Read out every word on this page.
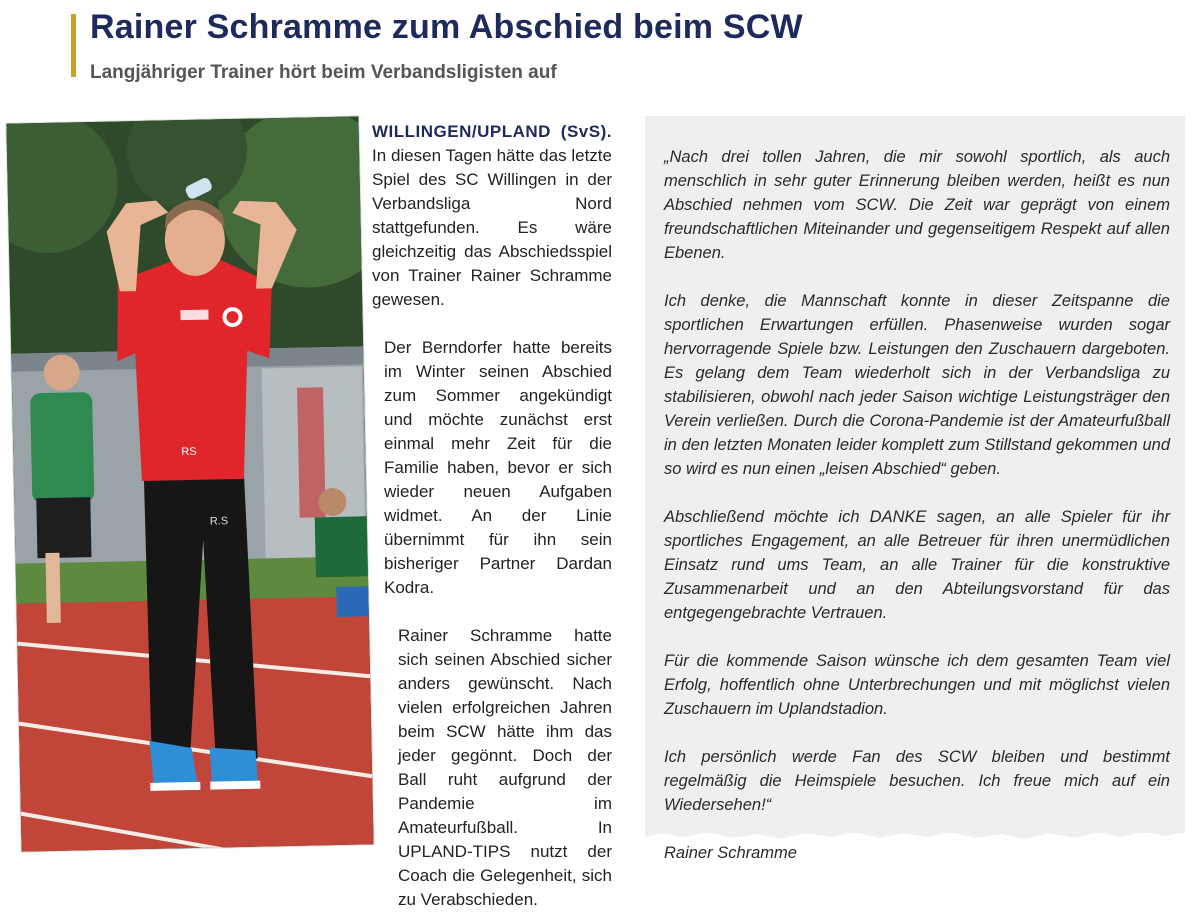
Rainer Schramme zum Abschied beim SCW
Langjähriger Trainer hört beim Verbandsligisten auf
RS
R.S

WILLINGEN/UPLAND (SvS). In diesen Tagen hätte das letzte Spiel des SC Willingen in der Verbandsliga Nord stattgefunden. Es wäre gleichzeitig das Abschiedsspiel von Trainer Rainer Schramme gewesen.

Der Berndorfer hatte bereits im Winter seinen Abschied zum Sommer angekündigt und möchte zunächst erst einmal mehr Zeit für die Familie haben, bevor er sich wieder neuen Aufgaben widmet. An der Linie übernimmt für ihn sein bisheriger Partner Dardan Kodra.

Rainer Schramme hatte sich seinen Abschied sicher anders gewünscht. Nach vielen erfolgreichen Jahren beim SCW hätte ihm das jeder gegönnt. Doch der Ball ruht aufgrund der Pandemie im Amateurfußball. In UPLAND-TIPS nutzt der Coach die Gelegenheit, sich zu Verabschieden.

„Nach drei tollen Jahren, die mir sowohl sportlich, als auch menschlich in sehr guter Erinnerung bleiben werden, heißt es nun Abschied nehmen vom SCW. Die Zeit war geprägt von einem freundschaftlichen Miteinander und gegenseitigem Respekt auf allen Ebenen.

Ich denke, die Mannschaft konnte in dieser Zeitspanne die sportlichen Erwartungen erfüllen. Phasenweise wurden sogar hervorragende Spiele bzw. Leistungen den Zuschauern dargeboten. Es gelang dem Team wiederholt sich in der Verbandsliga zu stabilisieren, obwohl nach jeder Saison wichtige Leistungsträger den Verein verließen. Durch die Corona-Pandemie ist der Amateurfußball in den letzten Monaten leider komplett zum Stillstand gekommen und so wird es nun einen „leisen Abschied“ geben.

Abschließend möchte ich DANKE sagen, an alle Spieler für ihr sportliches Engagement, an alle Betreuer für ihren unermüdlichen Einsatz rund ums Team, an alle Trainer für die konstruktive Zusammenarbeit und an den Abteilungsvorstand für das entgegengebrachte Vertrauen.

Für die kommende Saison wünsche ich dem gesamten Team viel Erfolg, hoffentlich ohne Unterbrechungen und mit möglichst vielen Zuschauern im Uplandstadion.

Ich persönlich werde Fan des SCW bleiben und bestimmt regelmäßig die Heimspiele besuchen. Ich freue mich auf ein Wiedersehen!“

Rainer Schramme
